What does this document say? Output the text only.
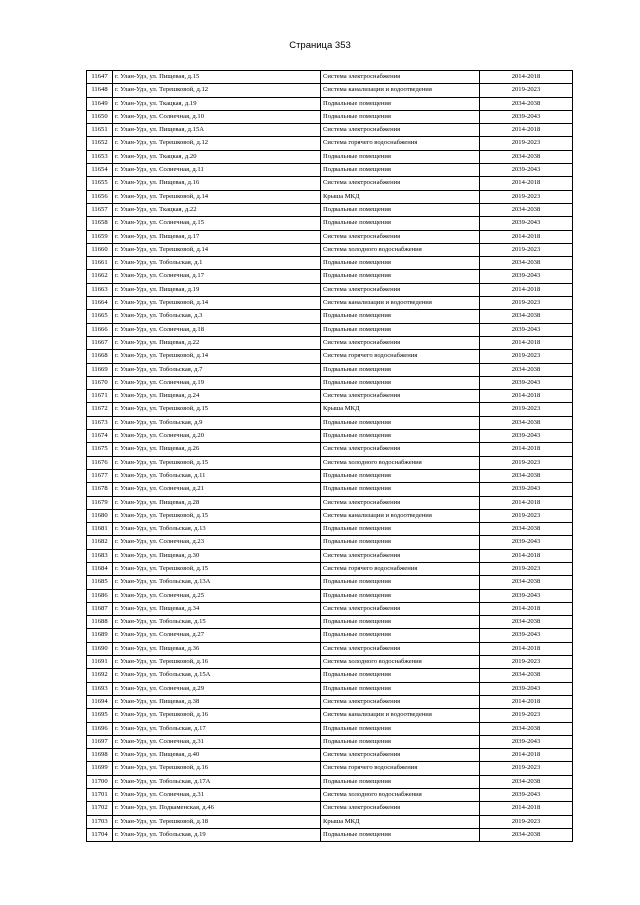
Страница 353
11647	г. Улан-Удэ, ул. Пищевая, д.15	Система электроснабжения	2014-2018
11648	г. Улан-Удэ, ул. Терешковой, д.12	Система канализации и водоотведения	2019-2023
11649	г. Улан-Удэ, ул. Ткацкая, д.19	Подвальные помещения	2034-2038
11650	г. Улан-Удэ, ул. Солнечная, д.10	Подвальные помещения	2039-2043
11651	г. Улан-Удэ, ул. Пищевая, д.15А	Система электроснабжения	2014-2018
11652	г. Улан-Удэ, ул. Терешковой, д.12	Система горячего водоснабжения	2019-2023
11653	г. Улан-Удэ, ул. Ткацкая, д.20	Подвальные помещения	2034-2038
11654	г. Улан-Удэ, ул. Солнечная, д.11	Подвальные помещения	2039-2043
11655	г. Улан-Удэ, ул. Пищевая, д.16	Система электроснабжения	2014-2018
11656	г. Улан-Удэ, ул. Терешковой, д.14	Крыша МКД	2019-2023
11657	г. Улан-Удэ, ул. Ткацкая, д.22	Подвальные помещения	2034-2038
11658	г. Улан-Удэ, ул. Солнечная, д.15	Подвальные помещения	2039-2043
11659	г. Улан-Удэ, ул. Пищевая, д.17	Система электроснабжения	2014-2018
11660	г. Улан-Удэ, ул. Терешковой, д.14	Система холодного водоснабжения	2019-2023
11661	г. Улан-Удэ, ул. Тобольская, д.1	Подвальные помещения	2034-2038
11662	г. Улан-Удэ, ул. Солнечная, д.17	Подвальные помещения	2039-2043
11663	г. Улан-Удэ, ул. Пищевая, д.19	Система электроснабжения	2014-2018
11664	г. Улан-Удэ, ул. Терешковой, д.14	Система канализации и водоотведения	2019-2023
11665	г. Улан-Удэ, ул. Тобольская, д.3	Подвальные помещения	2034-2038
11666	г. Улан-Удэ, ул. Солнечная, д.18	Подвальные помещения	2039-2043
11667	г. Улан-Удэ, ул. Пищевая, д.22	Система электроснабжения	2014-2018
11668	г. Улан-Удэ, ул. Терешковой, д.14	Система горячего водоснабжения	2019-2023
11669	г. Улан-Удэ, ул. Тобольская, д.7	Подвальные помещения	2034-2038
11670	г. Улан-Удэ, ул. Солнечная, д.19	Подвальные помещения	2039-2043
11671	г. Улан-Удэ, ул. Пищевая, д.24	Система электроснабжения	2014-2018
11672	г. Улан-Удэ, ул. Терешковой, д.15	Крыша МКД	2019-2023
11673	г. Улан-Удэ, ул. Тобольская, д.9	Подвальные помещения	2034-2038
11674	г. Улан-Удэ, ул. Солнечная, д.20	Подвальные помещения	2039-2043
11675	г. Улан-Удэ, ул. Пищевая, д.26	Система электроснабжения	2014-2018
11676	г. Улан-Удэ, ул. Терешковой, д.15	Система холодного водоснабжения	2019-2023
11677	г. Улан-Удэ, ул. Тобольская, д.11	Подвальные помещения	2034-2038
11678	г. Улан-Удэ, ул. Солнечная, д.21	Подвальные помещения	2039-2043
11679	г. Улан-Удэ, ул. Пищевая, д.28	Система электроснабжения	2014-2018
11680	г. Улан-Удэ, ул. Терешковой, д.15	Система канализации и водоотведения	2019-2023
11681	г. Улан-Удэ, ул. Тобольская, д.13	Подвальные помещения	2034-2038
11682	г. Улан-Удэ, ул. Солнечная, д.23	Подвальные помещения	2039-2043
11683	г. Улан-Удэ, ул. Пищевая, д.30	Система электроснабжения	2014-2018
11684	г. Улан-Удэ, ул. Терешковой, д.15	Система горячего водоснабжения	2019-2023
11685	г. Улан-Удэ, ул. Тобольская, д.13А	Подвальные помещения	2034-2038
11686	г. Улан-Удэ, ул. Солнечная, д.25	Подвальные помещения	2039-2043
11687	г. Улан-Удэ, ул. Пищевая, д.34	Система электроснабжения	2014-2018
11688	г. Улан-Удэ, ул. Тобольская, д.15	Подвальные помещения	2034-2038
11689	г. Улан-Удэ, ул. Солнечная, д.27	Подвальные помещения	2039-2043
11690	г. Улан-Удэ, ул. Пищевая, д.36	Система электроснабжения	2014-2018
11691	г. Улан-Удэ, ул. Терешковой, д.16	Система холодного водоснабжения	2019-2023
11692	г. Улан-Удэ, ул. Тобольская, д.15А	Подвальные помещения	2034-2038
11693	г. Улан-Удэ, ул. Солнечная, д.29	Подвальные помещения	2039-2043
11694	г. Улан-Удэ, ул. Пищевая, д.38	Система электроснабжения	2014-2018
11695	г. Улан-Удэ, ул. Терешковой, д.16	Система канализации и водоотведения	2019-2023
11696	г. Улан-Удэ, ул. Тобольская, д.17	Подвальные помещения	2034-2038
11697	г. Улан-Удэ, ул. Солнечная, д.31	Подвальные помещения	2039-2043
11698	г. Улан-Удэ, ул. Пищевая, д.40	Система электроснабжения	2014-2018
11699	г. Улан-Удэ, ул. Терешковой, д.16	Система горячего водоснабжения	2019-2023
11700	г. Улан-Удэ, ул. Тобольская, д.17А	Подвальные помещения	2034-2038
11701	г. Улан-Удэ, ул. Солнечная, д.31	Система холодного водоснабжения	2039-2043
11702	г. Улан-Удэ, ул. Подкаменская, д.46	Система электроснабжения	2014-2018
11703	г. Улан-Удэ, ул. Терешковой, д.18	Крыша МКД	2019-2023
11704	г. Улан-Удэ, ул. Тобольская, д.19	Подвальные помещения	2034-2038
